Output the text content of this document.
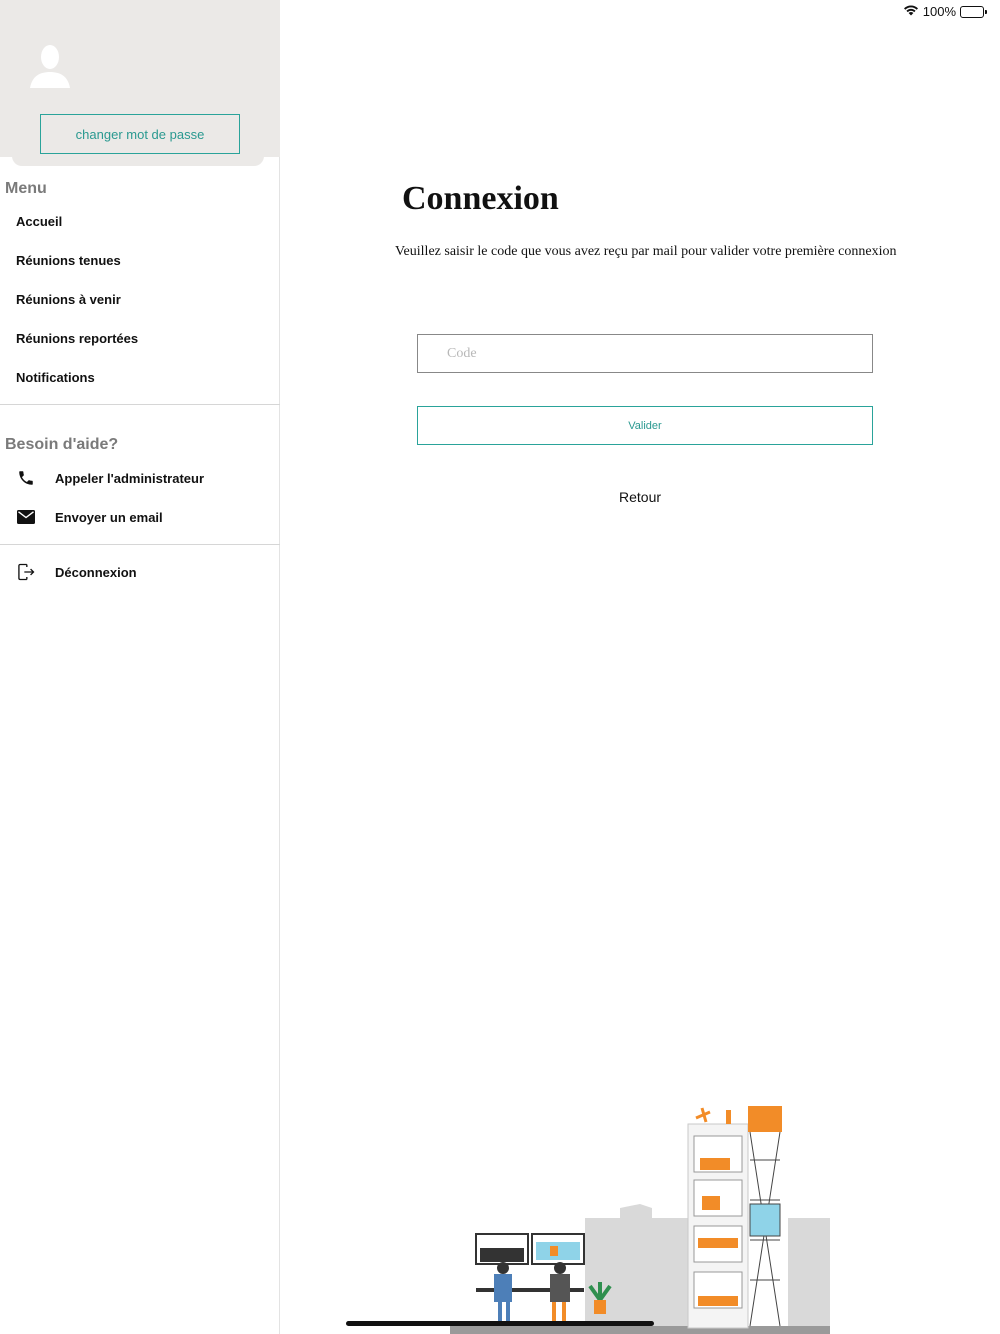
100%
changer mot de passe
Menu
Accueil
Réunions tenues
Réunions à venir
Réunions reportées
Notifications
Besoin d'aide?
Appeler l'administrateur
Envoyer un email
Déconnexion
Connexion
Veuillez saisir le code que vous avez reçu par mail pour valider votre première connexion
Code
Valider
Retour
